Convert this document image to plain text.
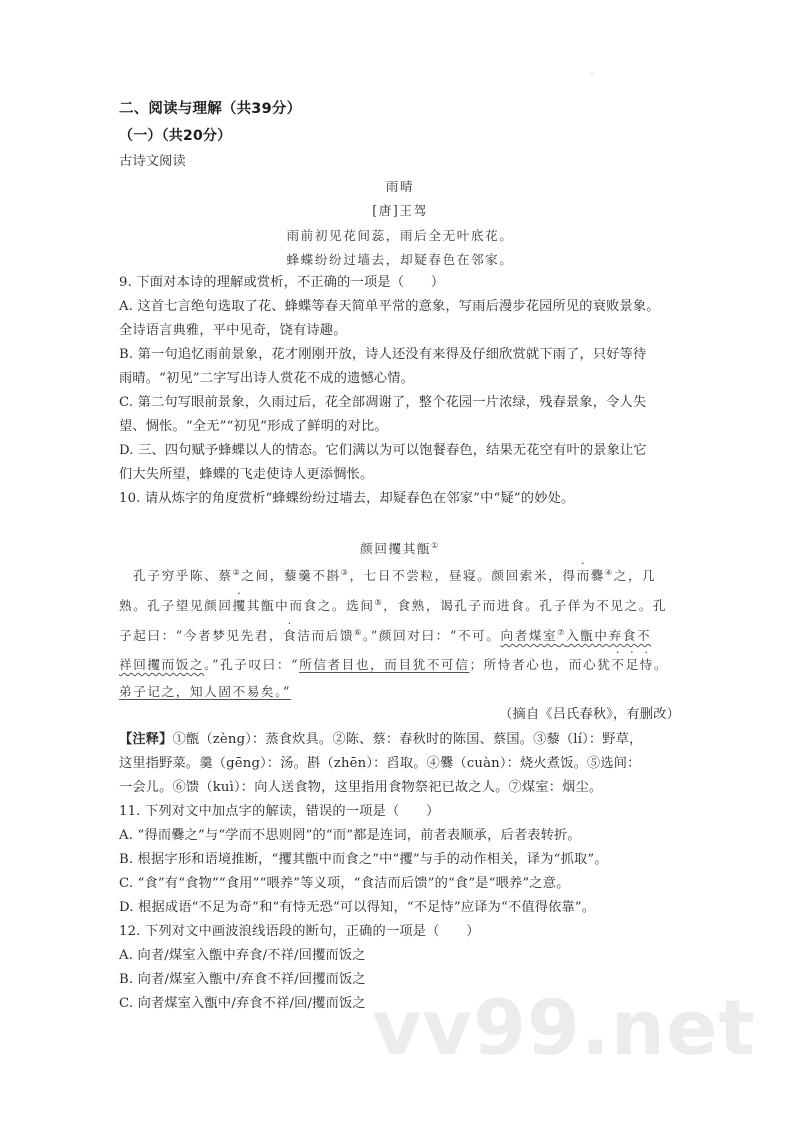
二、阅读与理解（共39分）
（一）（共20分）
古诗文阅读
雨晴
[唐]王驾
雨前初见花间蕊，雨后全无叶底花。
蜂蝶纷纷过墙去，却疑春色在邻家。
9. 下面对本诗的理解或赏析，不正确的一项是（　　）
A. 这首七言绝句选取了花、蜂蝶等春天简单平常的意象，写雨后漫步花园所见的衰败景象。
全诗语言典雅，平中见奇，饶有诗趣。
B. 第一句追忆雨前景象，花才刚刚开放，诗人还没有来得及仔细欣赏就下雨了，只好等待
雨晴。“初见”二字写出诗人赏花不成的遗憾心情。
C. 第二句写眼前景象，久雨过后，花全部凋谢了，整个花园一片浓绿，残春景象，令人失
望、惆怅。“全无”“初见”形成了鲜明的对比。
D. 三、四句赋予蜂蝶以人的情态。它们满以为可以饱餐春色，结果无花空有叶的景象让它
们大失所望，蜂蝶的飞走使诗人更添惆怅。
10. 请从炼字的角度赏析“蜂蝶纷纷过墙去，却疑春色在邻家”中“疑”的妙处。
颜回攫其甑①
　孔子穷乎陈、蔡②之间，藜羹不斟③，七日不尝粒，昼寝。颜回索米，得而爨④之，几
熟。孔子望见颜回攫其甑中而食之。选间⑤，食熟，谒孔子而进食。孔子佯为不见之。孔
子起曰：“今者梦见先君，食洁而后馈⑥。”颜回对曰：“不可。向者煤室⑦入甑中弃食不
祥回攫而饭之。”孔子叹曰：“所信者目也，而目犹不可信；所恃者心也，而心犹不足恃。
弟子记之，知人固不易矣。”
（摘自《吕氏春秋》，有删改）
【注释】①甑（zèng）：蒸食炊具。②陈、蔡：春秋时的陈国、蔡国。③藜（lí）：野草，
这里指野菜。羹（gēng）：汤。斟（zhēn）：舀取。④爨（cuàn）：烧火煮饭。⑤选间：
一会儿。⑥馈（kuì）：向人送食物，这里指用食物祭祀已故之人。⑦煤室：烟尘。
11. 下列对文中加点字的解读，错误的一项是（　　）
A. “得而爨之”与“学而不思则罔”的“而”都是连词，前者表顺承，后者表转折。
B. 根据字形和语境推断，“攫其甑中而食之”中“攫”与手的动作相关，译为“抓取”。
C. “食”有“食物”“食用”“喂养”等义项，“食洁而后馈”的“食”是“喂养”之意。
D. 根据成语“不足为奇”和“有恃无恐”可以得知，“不足恃”应译为“不值得依靠”。
12. 下列对文中画波浪线语段的断句，正确的一项是（　　）
A. 向者/煤室入甑中弃食/不祥/回攫而饭之
B. 向者/煤室入甑中/弃食不祥/回攫而饭之
C. 向者煤室入甑中/弃食不祥/回/攫而饭之 vv99.net
